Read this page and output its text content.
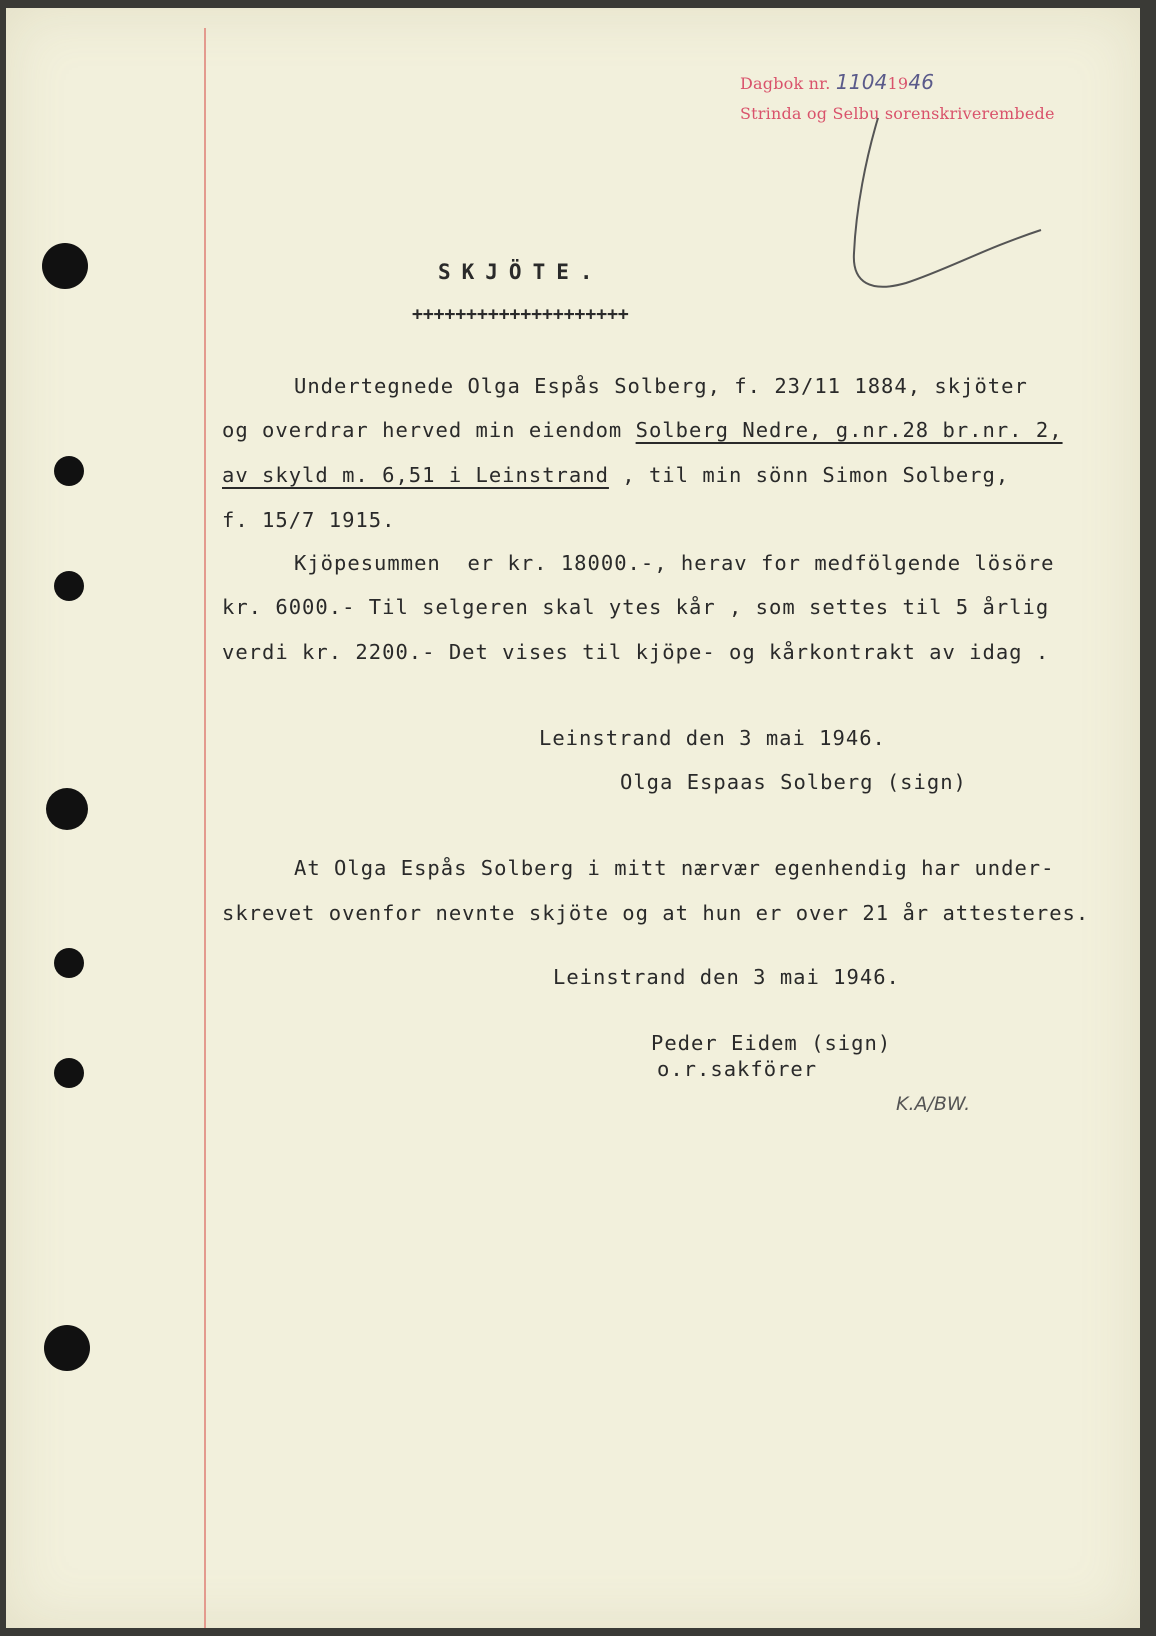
Dagbok nr. 11041946
Strinda og Selbu sorenskriverembede
SKJÖTE.
++++++++++++++++++++
Undertegnede Olga Espås Solberg, f. 23/11 1884, skjöter
og overdrar herved min eiendom Solberg Nedre, g.nr.28 br.nr. 2,
av skyld m. 6,51 i Leinstrand , til min sönn Simon Solberg,
f. 15/7 1915.
Kjöpesummen  er kr. 18000.-, herav for medfölgende lösöre
kr. 6000.- Til selgeren skal ytes kår , som settes til 5 årlig
verdi kr. 2200.- Det vises til kjöpe- og kårkontrakt av idag .
Leinstrand den 3 mai 1946.
Olga Espaas Solberg (sign)
At Olga Espås Solberg i mitt nærvær egenhendig har under-
skrevet ovenfor nevnte skjöte og at hun er over 21 år attesteres.
Leinstrand den 3 mai 1946.
Peder Eidem (sign)
o.r.sakförer
K.A/BW.
